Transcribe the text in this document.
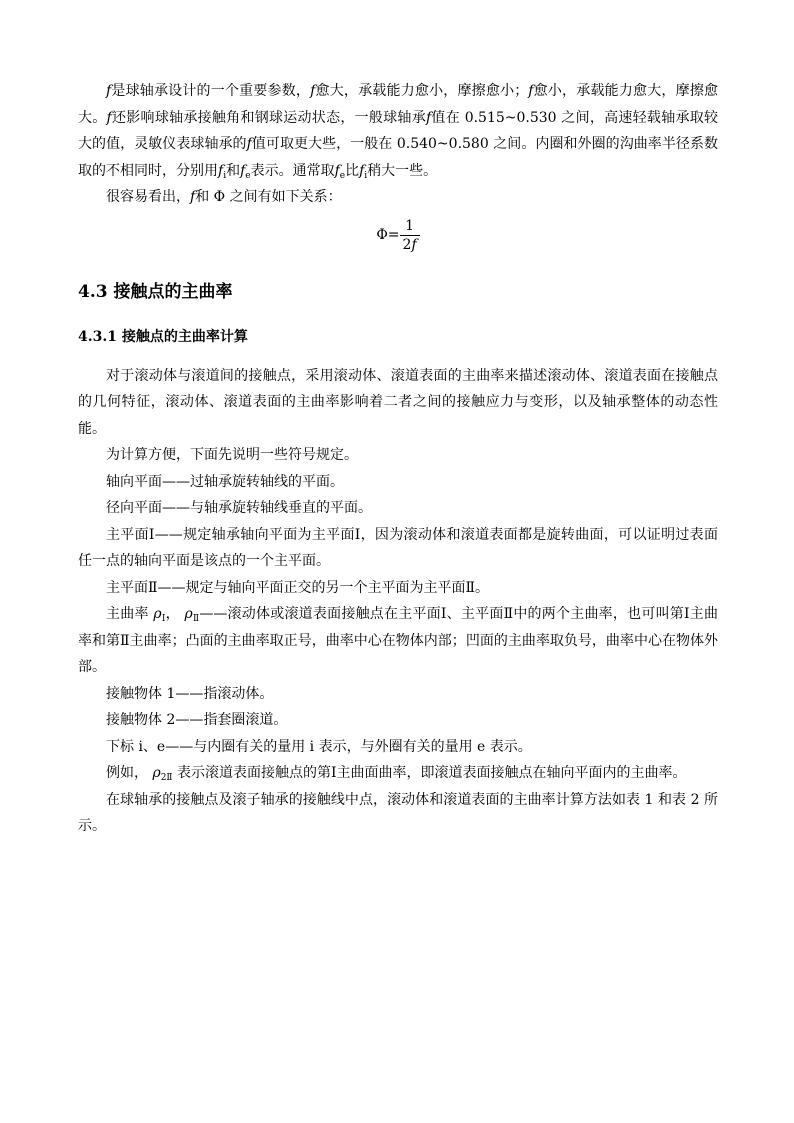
f是球轴承设计的一个重要参数，f愈大，承载能力愈小，摩擦愈小；f愈小，承载能力愈大，摩擦愈大。f还影响球轴承接触角和钢球运动状态，一般球轴承f值在 0.515~0.530 之间，高速轻载轴承取较大的值，灵敏仪表球轴承的f值可取更大些，一般在 0.540~0.580 之间。内圈和外圈的沟曲率半径系数取的不相同时，分别用$f_i$和$f_e$表示。通常取$f_e$比$f_i$稍大一些。

很容易看出，f和 Φ 之间有如下关系：

$\Phi= \frac{1}{2f}$
4.3 接触点的主曲率
4.3.1 接触点的主曲率计算

对于滚动体与滚道间的接触点，采用滚动体、滚道表面的主曲率来描述滚动体、滚道表面在接触点的几何特征，滚动体、滚道表面的主曲率影响着二者之间的接触应力与变形，以及轴承整体的动态性能。

为计算方便，下面先说明一些符号规定。

轴向平面——过轴承旋转轴线的平面。

径向平面——与轴承旋转轴线垂直的平面。

主平面Ⅰ——规定轴承轴向平面为主平面Ⅰ，因为滚动体和滚道表面都是旋转曲面，可以证明过表面任一点的轴向平面是该点的一个主平面。

主平面Ⅱ——规定与轴向平面正交的另一个主平面为主平面Ⅱ。

主曲率 $\rho_Ⅰ$， $\rho_Ⅱ——$滚动体或滚道表面接触点在主平面Ⅰ、主平面Ⅱ中的两个主曲率，也可叫第Ⅰ主曲率和第Ⅱ主曲率；凸面的主曲率取正号，曲率中心在物体内部；凹面的主曲率取负号，曲率中心在物体外部。

接触物体 1——指滚动体。

接触物体 2——指套圈滚道。

下标 i、e——与内圈有关的量用 i 表示，与外圈有关的量用 e 表示。

例如， $\rho_{2Ⅱ}$ 表示滚道表面接触点的第Ⅰ主曲面曲率，即滚道表面接触点在轴向平面内的主曲率。

在球轴承的接触点及滚子轴承的接触线中点，滚动体和滚道表面的主曲率计算方法如表 1 和表 2 所示。
